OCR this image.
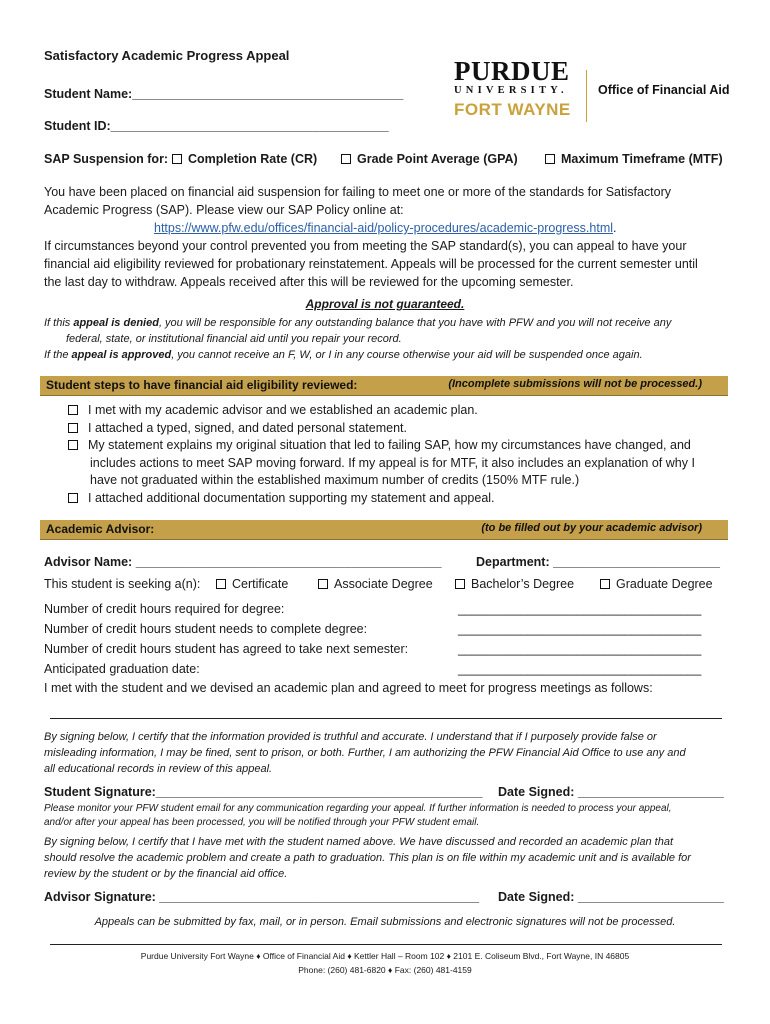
Satisfactory Academic Progress Appeal
Student Name:_______________________________________
Student ID:________________________________________
SAP Suspension for:	Completion Rate (CR)	Grade Point Average (GPA)	Maximum Timeframe (MTF)
PURDUE
UNIVERSITY.
FORT WAYNE
Office of Financial Aid
You have been placed on financial aid suspension for failing to meet one or more of the standards for Satisfactory
Academic Progress (SAP). Please view our SAP Policy online at:
https://www.pfw.edu/offices/financial-aid/policy-procedures/academic-progress.html.
If circumstances beyond your control prevented you from meeting the SAP standard(s), you can appeal to have your
financial aid eligibility reviewed for probationary reinstatement. Appeals will be processed for the current semester until
the last day to withdraw. Appeals received after this will be reviewed for the upcoming semester.
Approval is not guaranteed.
If this appeal is denied, you will be responsible for any outstanding balance that you have with PFW and you will not receive any
federal, state, or institutional financial aid until you repair your record.
If the appeal is approved, you cannot receive an F, W, or I in any course otherwise your aid will be suspended once again.
Student steps to have financial aid eligibility reviewed:	(Incomplete submissions will not be processed.)
I met with my academic advisor and we established an academic plan.
I attached a typed, signed, and dated personal statement.
My statement explains my original situation that led to failing SAP, how my circumstances have changed, and
includes actions to meet SAP moving forward. If my appeal is for MTF, it also includes an explanation of why I
have not graduated within the established maximum number of credits (150% MTF rule.)
I attached additional documentation supporting my statement and appeal.
Academic Advisor:	(to be filled out by your academic advisor)
Advisor Name: ____________________________________________	Department: ________________________
This student is seeking a(n):	Certificate	Associate Degree	Bachelor’s Degree	Graduate Degree
Number of credit hours required for degree:	___________________________________
Number of credit hours student needs to complete degree:	___________________________________
Number of credit hours student has agreed to take next semester:	___________________________________
Anticipated graduation date:	___________________________________
I met with the student and we devised an academic plan and agreed to meet for progress meetings as follows:
By signing below, I certify that the information provided is truthful and accurate. I understand that if I purposely provide false or
misleading information, I may be fined, sent to prison, or both. Further, I am authorizing the PFW Financial Aid Office to use any and
all educational records in review of this appeal.
Student Signature:_______________________________________________ Date Signed: _____________________
Please monitor your PFW student email for any communication regarding your appeal. If further information is needed to process your appeal,
and/or after your appeal has been processed, you will be notified through your PFW student email.
By signing below, I certify that I have met with the student named above. We have discussed and recorded an academic plan that
should resolve the academic problem and create a path to graduation. This plan is on file within my academic unit and is available for
review by the student or by the financial aid office.
Advisor Signature: ______________________________________________ Date Signed: _____________________
Appeals can be submitted by fax, mail, or in person. Email submissions and electronic signatures will not be processed.
Purdue University Fort Wayne ♦ Office of Financial Aid ♦ Kettler Hall – Room 102 ♦ 2101 E. Coliseum Blvd., Fort Wayne, IN 46805
Phone: (260) 481-6820 ♦ Fax: (260) 481-4159
